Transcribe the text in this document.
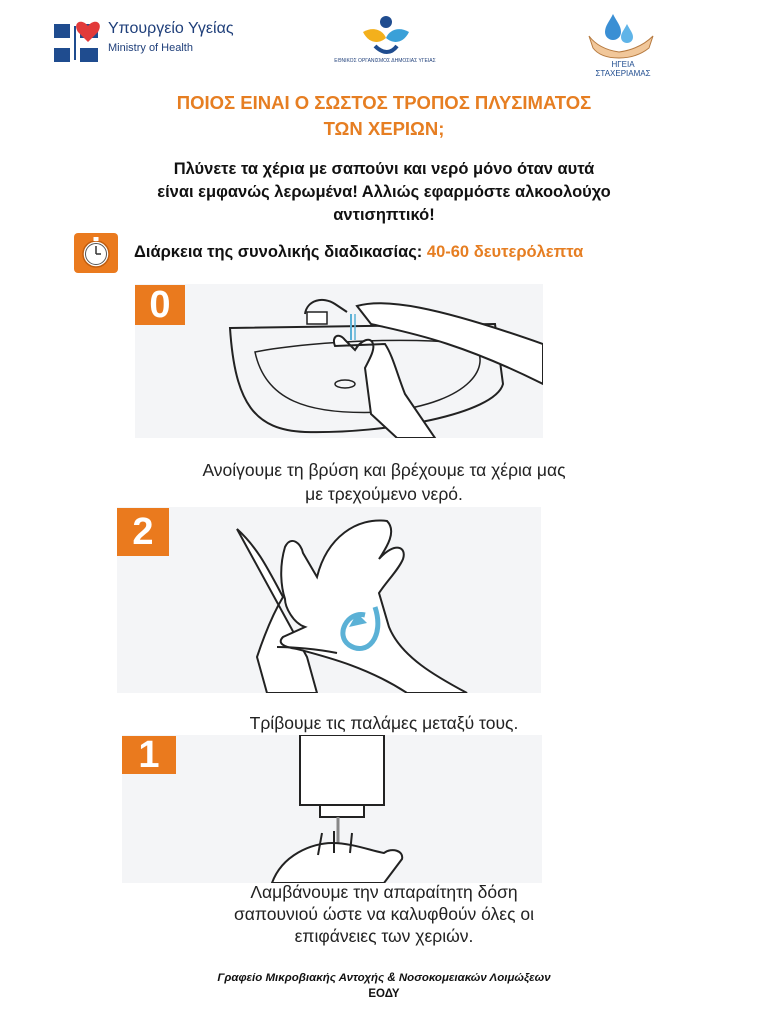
Υπουργείο Υγείας
Ministry of Health
ΕΘΝΙΚΟΣ ΟΡΓΑΝΙΣΜΟΣ ΔΗΜΟΣΙΑΣ ΥΓΕΙΑΣ	ΗΓΕΙΑ
ΣΤΑΧΕΡΙΑΜΑΣ
ΠΟΙΟΣ ΕΙΝΑΙ Ο ΣΩΣΤΟΣ ΤΡΟΠΟΣ ΠΛΥΣΙΜΑΤΟΣ
ΤΩΝ ΧΕΡΙΩΝ;
Πλύνετε τα χέρια με σαπούνι και νερό μόνο όταν αυτά
είναι εμφανώς λερωμένα! Αλλιώς εφαρμόστε αλκοολούχο
αντισηπτικό!
Διάρκεια της συνολικής διαδικασίας: 40-60 δευτερόλεπτα
0
Ανοίγουμε τη βρύση και βρέχουμε τα χέρια μας
με τρεχούμενο νερό.
2
Τρίβουμε τις παλάμες μεταξύ τους.
1
Λαμβάνουμε την απαραίτητη δόση
σαπουνιού ώστε να καλυφθούν όλες οι
επιφάνειες των χεριών.
Γραφείο Μικροβιακής Αντοχής & Νοσοκομειακών Λοιμώξεων
ΕΟΔΥ
